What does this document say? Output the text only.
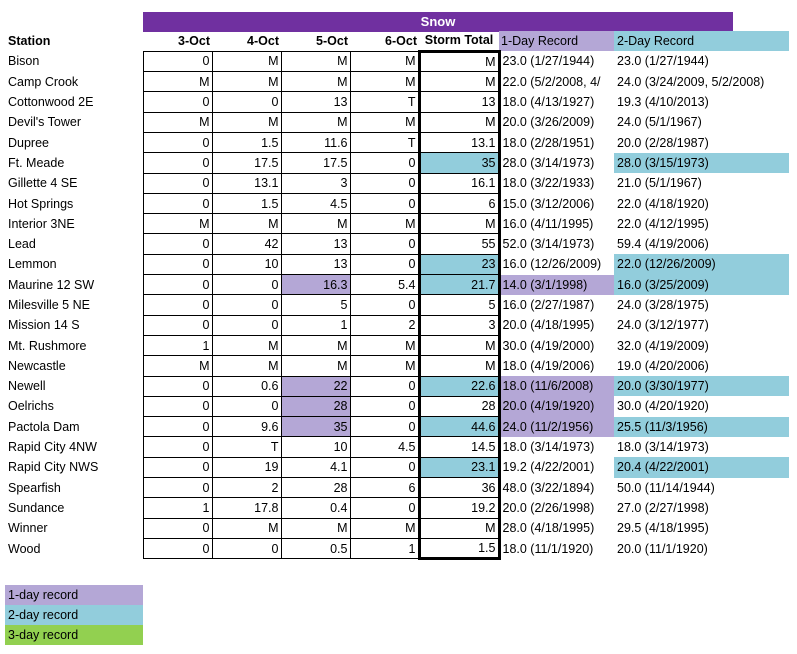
Snow
Station	3-Oct	4-Oct	5-Oct	6-Oct	Storm Total	1-Day Record	2-Day Record
Bison	0	M	M	M	M	23.0 (1/27/1944)	23.0 (1/27/1944)
Camp Crook	M	M	M	M	M	22.0 (5/2/2008, 4/	24.0 (3/24/2009, 5/2/2008)
Cottonwood 2E	0	0	13	T	13	18.0 (4/13/1927)	19.3 (4/10/2013)
Devil's Tower	M	M	M	M	M	20.0 (3/26/2009)	24.0 (5/1/1967)
Dupree	0	1.5	11.6	T	13.1	18.0 (2/28/1951)	20.0 (2/28/1987)
Ft. Meade	0	17.5	17.5	0	35	28.0 (3/14/1973)	28.0 (3/15/1973)
Gillette 4 SE	0	13.1	3	0	16.1	18.0 (3/22/1933)	21.0 (5/1/1967)
Hot Springs	0	1.5	4.5	0	6	15.0 (3/12/2006)	22.0 (4/18/1920)
Interior 3NE	M	M	M	M	M	16.0 (4/11/1995)	22.0 (4/12/1995)
Lead	0	42	13	0	55	52.0 (3/14/1973)	59.4 (4/19/2006)
Lemmon	0	10	13	0	23	16.0 (12/26/2009)	22.0 (12/26/2009)
Maurine 12 SW	0	0	16.3	5.4	21.7	14.0 (3/1/1998)	16.0 (3/25/2009)
Milesville 5 NE	0	0	5	0	5	16.0 (2/27/1987)	24.0 (3/28/1975)
Mission 14 S	0	0	1	2	3	20.0 (4/18/1995)	24.0 (3/12/1977)
Mt. Rushmore	1	M	M	M	M	30.0 (4/19/2000)	32.0 (4/19/2009)
Newcastle	M	M	M	M	M	18.0 (4/19/2006)	19.0 (4/20/2006)
Newell	0	0.6	22	0	22.6	18.0 (11/6/2008)	20.0 (3/30/1977)
Oelrichs	0	0	28	0	28	20.0 (4/19/1920)	30.0 (4/20/1920)
Pactola Dam	0	9.6	35	0	44.6	24.0 (11/2/1956)	25.5 (11/3/1956)
Rapid City 4NW	0	T	10	4.5	14.5	18.0 (3/14/1973)	18.0 (3/14/1973)
Rapid City NWS	0	19	4.1	0	23.1	19.2 (4/22/2001)	20.4 (4/22/2001)
Spearfish	0	2	28	6	36	48.0 (3/22/1894)	50.0 (11/14/1944)
Sundance	1	17.8	0.4	0	19.2	20.0 (2/26/1998)	27.0 (2/27/1998)
Winner	0	M	M	M	M	28.0 (4/18/1995)	29.5 (4/18/1995)
Wood	0	0	0.5	1	1.5	18.0 (11/1/1920)	20.0 (11/1/1920)
1-day record
2-day record
3-day record
